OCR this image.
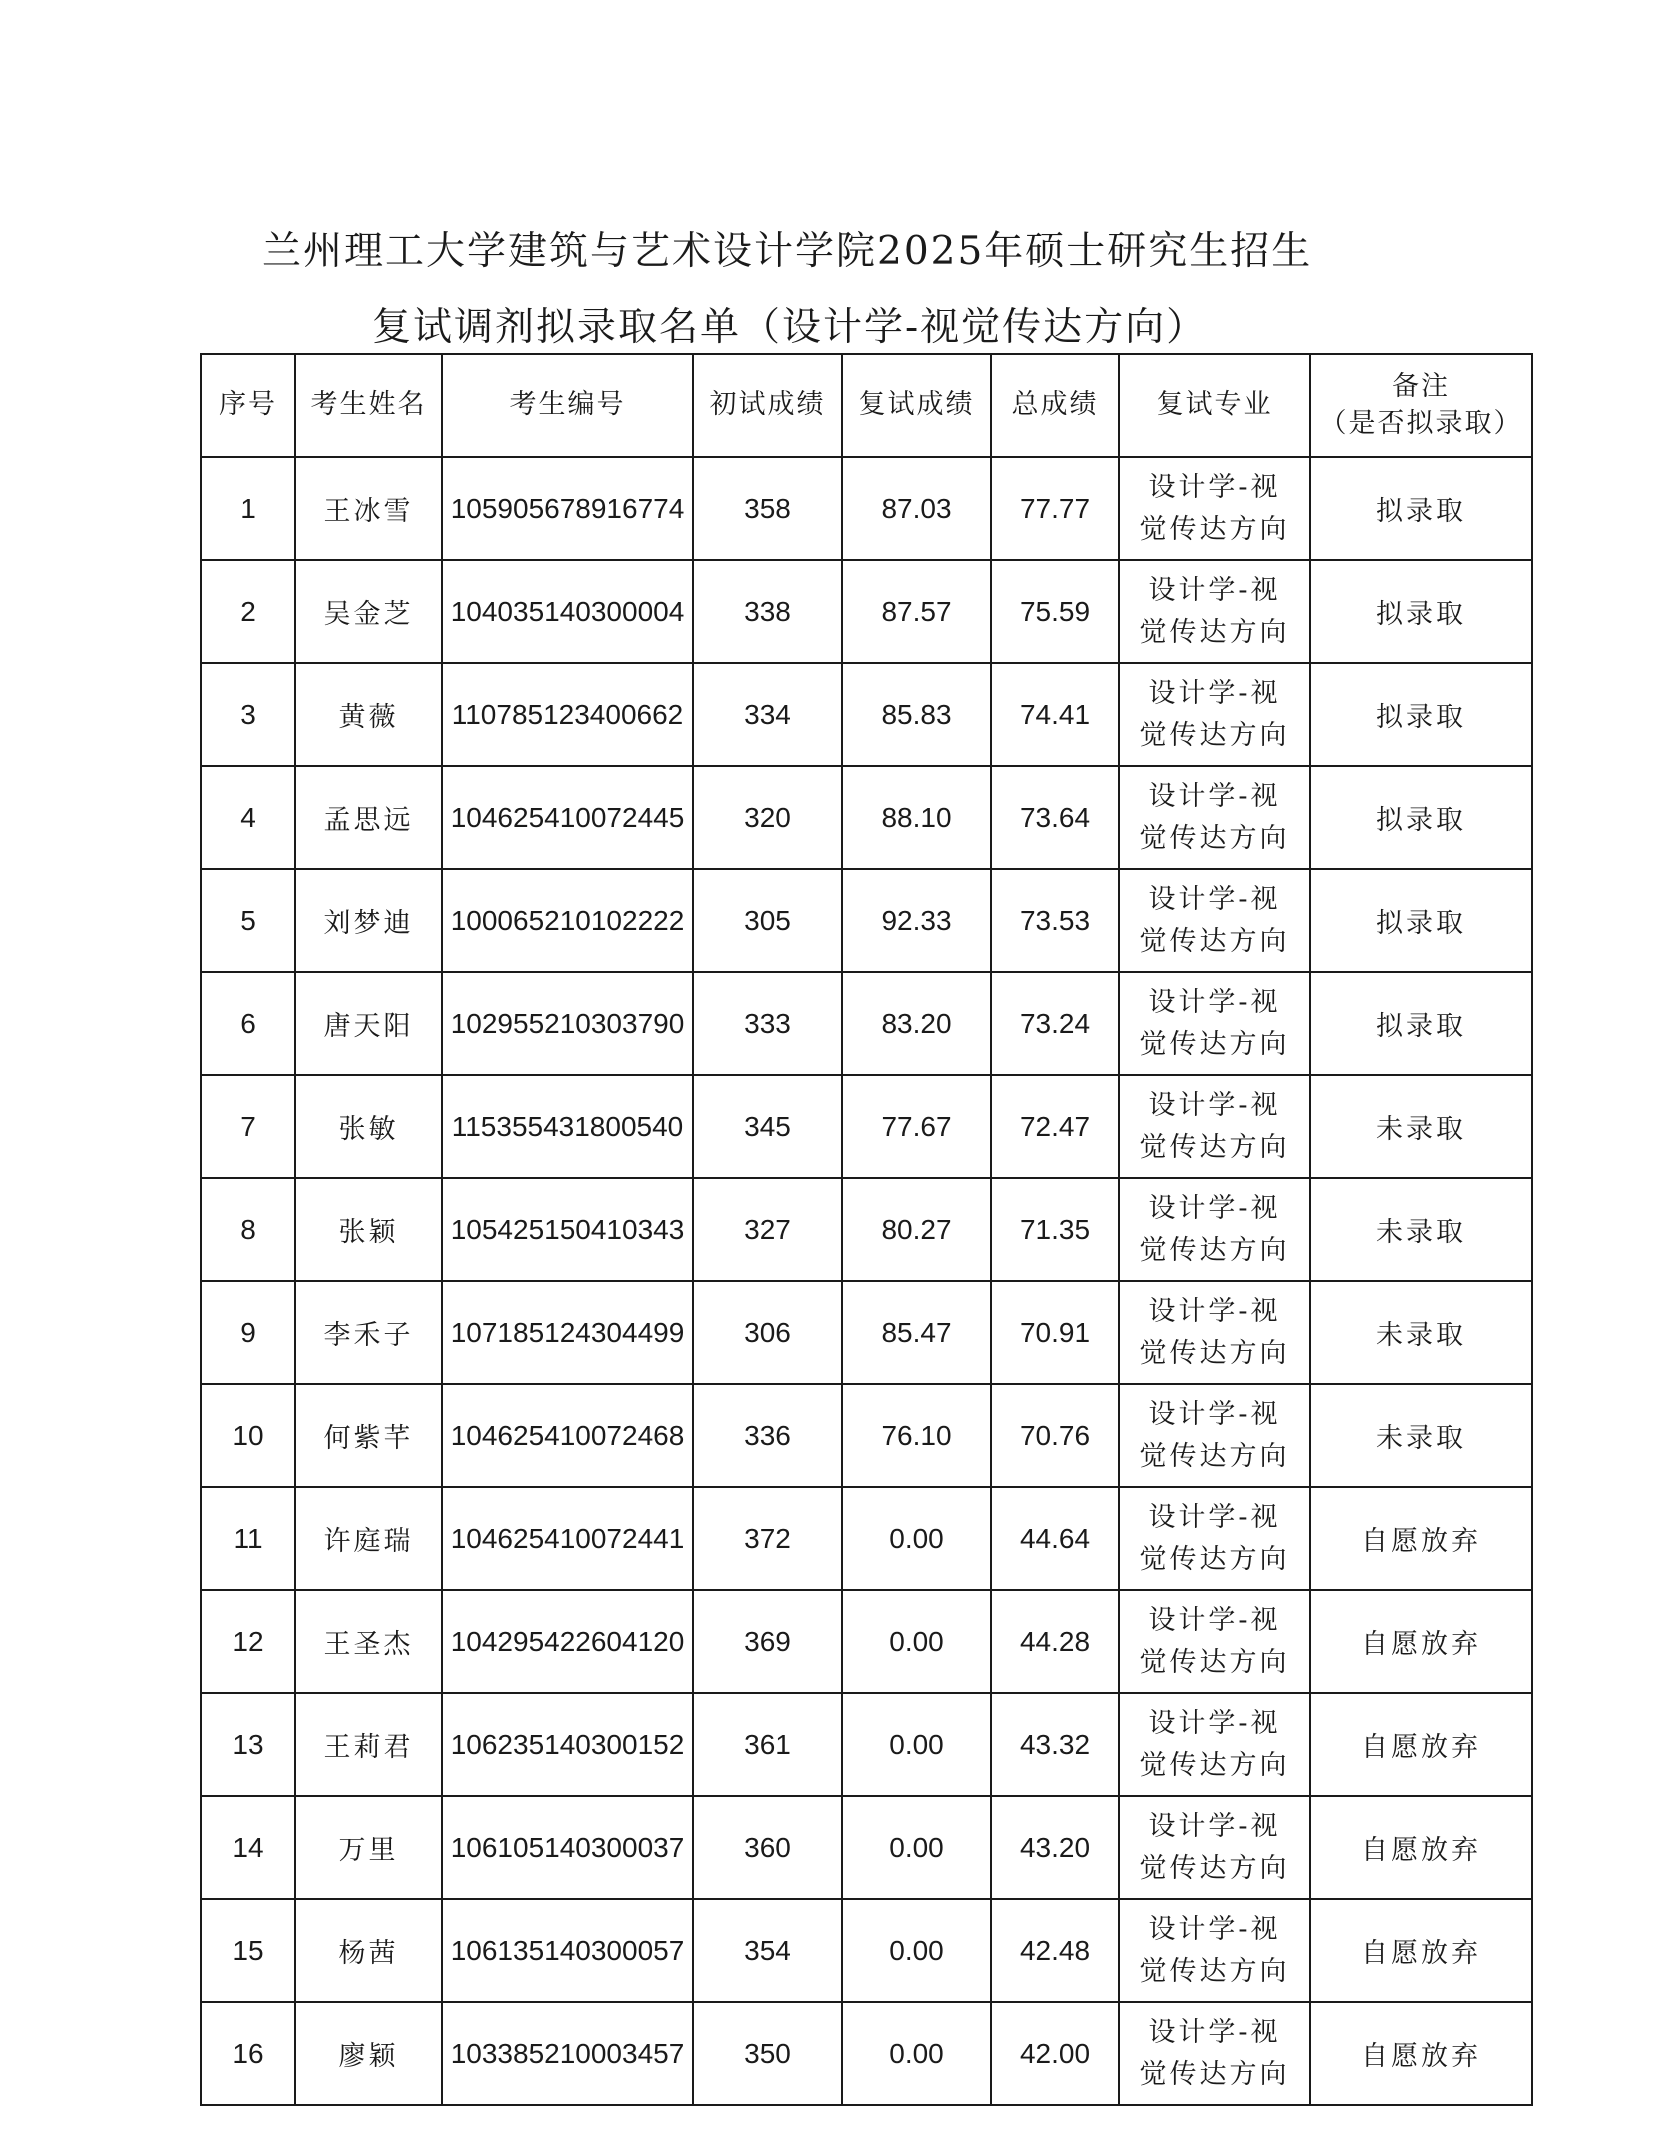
兰州理工大学建筑与艺术设计学院2025年硕士研究生招生
复试调剂拟录取名单（设计学-视觉传达方向）
序号	考生姓名	考生编号	初试成绩	复试成绩	总成绩	复试专业	备注
（是否拟录取）

1	王冰雪	105905678916774	358	87.03	77.77	设计学-视觉传达方向	拟录取
2	吴金芝	104035140300004	338	87.57	75.59	设计学-视觉传达方向	拟录取
3	黄薇	110785123400662	334	85.83	74.41	设计学-视觉传达方向	拟录取
4	孟思远	104625410072445	320	88.10	73.64	设计学-视觉传达方向	拟录取
5	刘梦迪	100065210102222	305	92.33	73.53	设计学-视觉传达方向	拟录取
6	唐天阳	102955210303790	333	83.20	73.24	设计学-视觉传达方向	拟录取
7	张敏	115355431800540	345	77.67	72.47	设计学-视觉传达方向	未录取
8	张颖	105425150410343	327	80.27	71.35	设计学-视觉传达方向	未录取
9	李禾子	107185124304499	306	85.47	70.91	设计学-视觉传达方向	未录取
10	何紫芊	104625410072468	336	76.10	70.76	设计学-视觉传达方向	未录取
11	许庭瑞	104625410072441	372	0.00	44.64	设计学-视觉传达方向	自愿放弃
12	王圣杰	104295422604120	369	0.00	44.28	设计学-视觉传达方向	自愿放弃
13	王莉君	106235140300152	361	0.00	43.32	设计学-视觉传达方向	自愿放弃
14	万里	106105140300037	360	0.00	43.20	设计学-视觉传达方向	自愿放弃
15	杨茜	106135140300057	354	0.00	42.48	设计学-视觉传达方向	自愿放弃
16	廖颖	103385210003457	350	0.00	42.00	设计学-视觉传达方向	自愿放弃
